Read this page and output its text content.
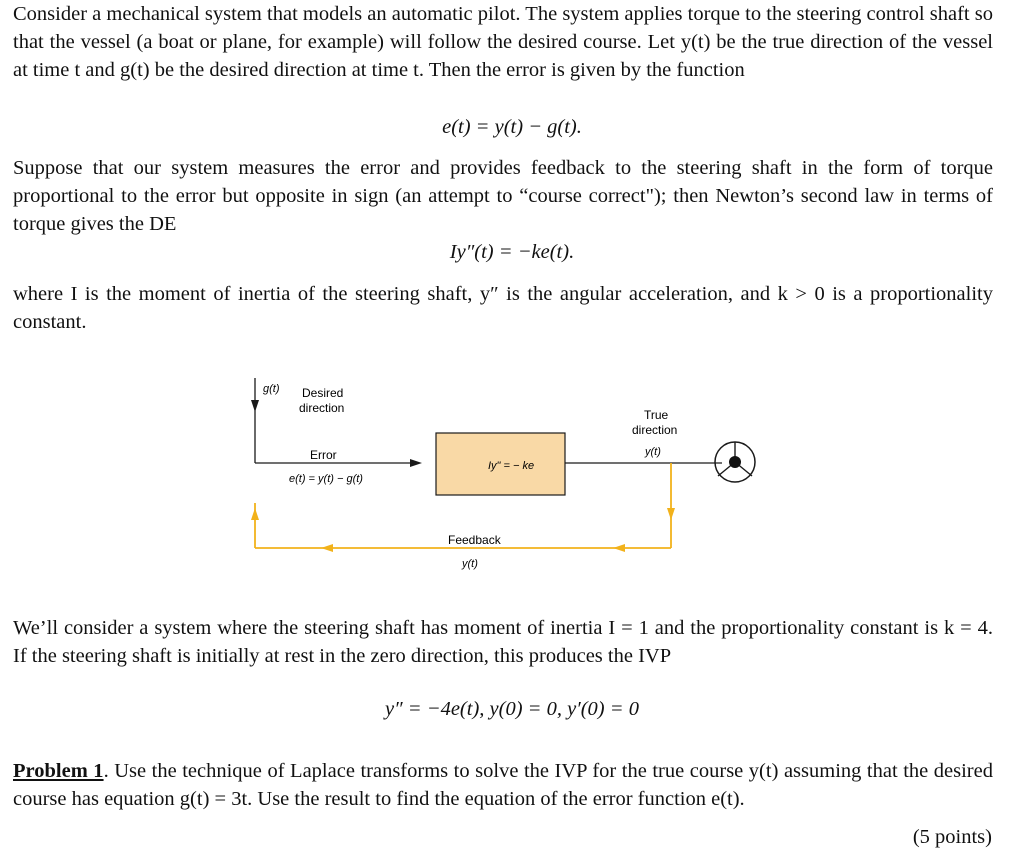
Consider a mechanical system that models an automatic pilot. The system applies torque to the steering control shaft so that the vessel (a boat or plane, for example) will follow the desired course. Let y(t) be the true direction of the vessel at time t and g(t) be the desired direction at time t. Then the error is given by the function

e(t) = y(t) − g(t).

Suppose that our system measures the error and provides feedback to the steering shaft in the form of torque proportional to the error but opposite in sign (an attempt to “course correct"); then Newton’s second law in terms of torque gives the DE

Iy″(t) = −ke(t).

where I is the moment of inertia of the steering shaft, y″ is the angular acceleration, and k > 0 is a proportionality constant.

g(t) Desired
direction
Error
e(t) = y(t) − g(t)
Iy" = − ke
True
direction
y(t)
Feedback
y(t)

We’ll consider a system where the steering shaft has moment of inertia I = 1 and the proportionality constant is k = 4. If the steering shaft is initially at rest in the zero direction, this produces the IVP

y″ = −4e(t), y(0) = 0, y′(0) = 0

Problem 1. Use the technique of Laplace transforms to solve the IVP for the true course y(t) assuming that the desired course has equation g(t) = 3t. Use the result to find the equation of the error function e(t).

(5 points)
